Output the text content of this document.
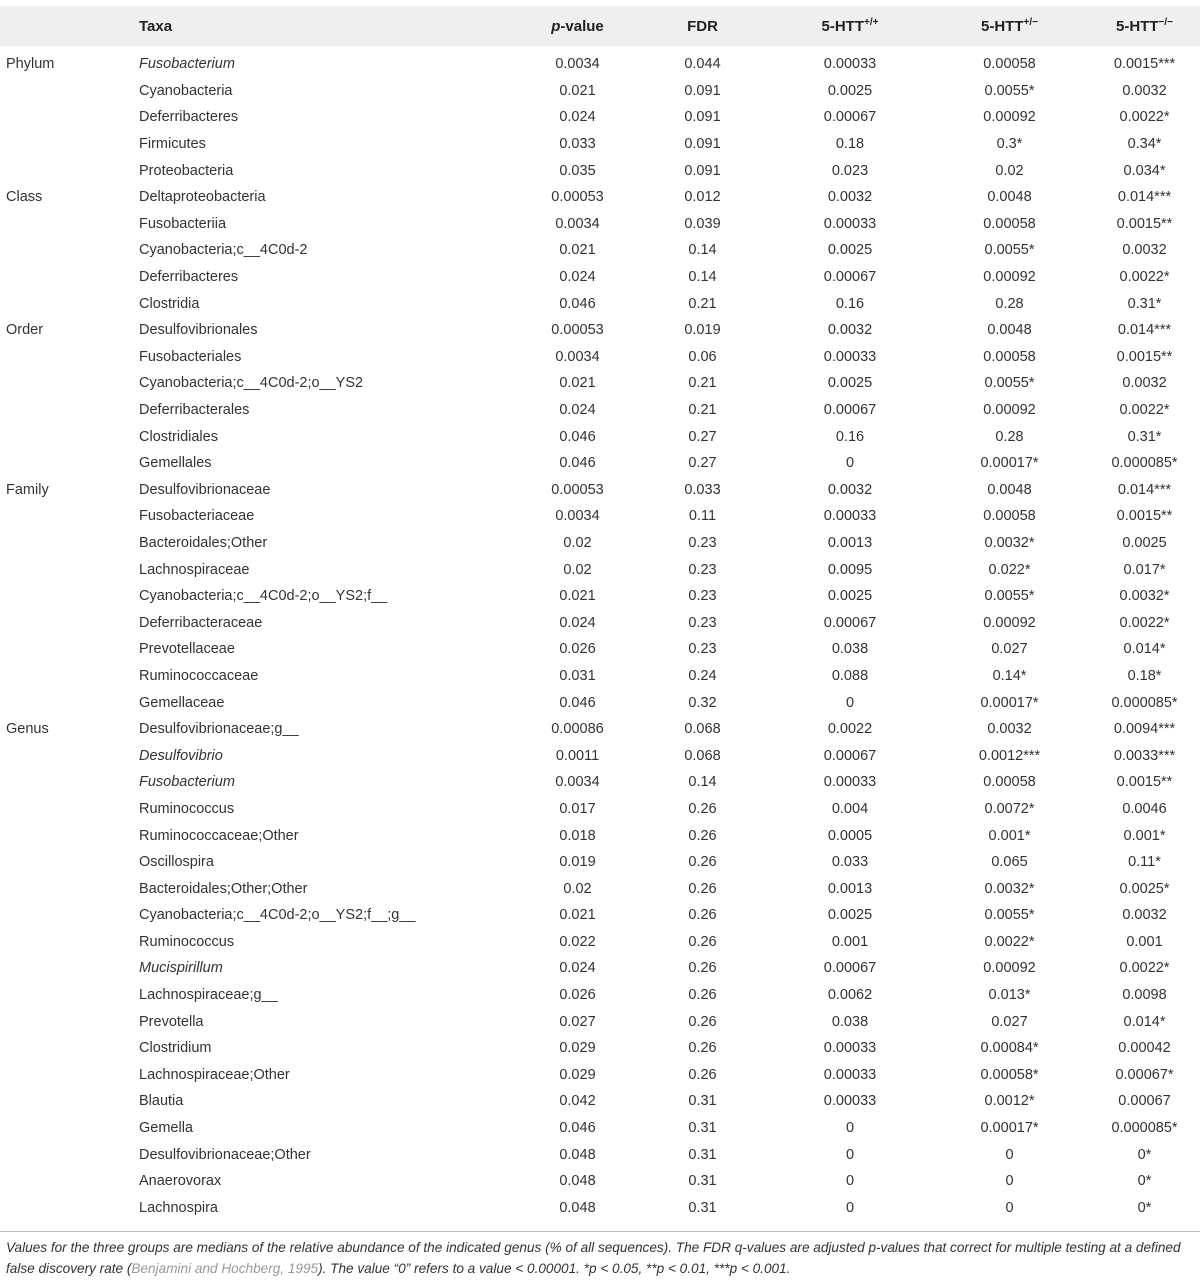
	Taxa	p-value	FDR	5-HTT+/+	5-HTT+/−	5-HTT−/−
Phylum	Fusobacterium	0.0034	0.044	0.00033	0.00058	0.0015***
	Cyanobacteria	0.021	0.091	0.0025	0.0055*	0.0032
	Deferribacteres	0.024	0.091	0.00067	0.00092	0.0022*
	Firmicutes	0.033	0.091	0.18	0.3*	0.34*
	Proteobacteria	0.035	0.091	0.023	0.02	0.034*
Class	Deltaproteobacteria	0.00053	0.012	0.0032	0.0048	0.014***
	Fusobacteriia	0.0034	0.039	0.00033	0.00058	0.0015**
	Cyanobacteria;c__4C0d-2	0.021	0.14	0.0025	0.0055*	0.0032
	Deferribacteres	0.024	0.14	0.00067	0.00092	0.0022*
	Clostridia	0.046	0.21	0.16	0.28	0.31*
Order	Desulfovibrionales	0.00053	0.019	0.0032	0.0048	0.014***
	Fusobacteriales	0.0034	0.06	0.00033	0.00058	0.0015**
	Cyanobacteria;c__4C0d-2;o__YS2	0.021	0.21	0.0025	0.0055*	0.0032
	Deferribacterales	0.024	0.21	0.00067	0.00092	0.0022*
	Clostridiales	0.046	0.27	0.16	0.28	0.31*
	Gemellales	0.046	0.27	0	0.00017*	0.000085*
Family	Desulfovibrionaceae	0.00053	0.033	0.0032	0.0048	0.014***
	Fusobacteriaceae	0.0034	0.11	0.00033	0.00058	0.0015**
	Bacteroidales;Other	0.02	0.23	0.0013	0.0032*	0.0025
	Lachnospiraceae	0.02	0.23	0.0095	0.022*	0.017*
	Cyanobacteria;c__4C0d-2;o__YS2;f__	0.021	0.23	0.0025	0.0055*	0.0032*
	Deferribacteraceae	0.024	0.23	0.00067	0.00092	0.0022*
	Prevotellaceae	0.026	0.23	0.038	0.027	0.014*
	Ruminococcaceae	0.031	0.24	0.088	0.14*	0.18*
	Gemellaceae	0.046	0.32	0	0.00017*	0.000085*
Genus	Desulfovibrionaceae;g__	0.00086	0.068	0.0022	0.0032	0.0094***
	Desulfovibrio	0.0011	0.068	0.00067	0.0012***	0.0033***
	Fusobacterium	0.0034	0.14	0.00033	0.00058	0.0015**
	Ruminococcus	0.017	0.26	0.004	0.0072*	0.0046
	Ruminococcaceae;Other	0.018	0.26	0.0005	0.001*	0.001*
	Oscillospira	0.019	0.26	0.033	0.065	0.11*
	Bacteroidales;Other;Other	0.02	0.26	0.0013	0.0032*	0.0025*
	Cyanobacteria;c__4C0d-2;o__YS2;f__;g__	0.021	0.26	0.0025	0.0055*	0.0032
	Ruminococcus	0.022	0.26	0.001	0.0022*	0.001
	Mucispirillum	0.024	0.26	0.00067	0.00092	0.0022*
	Lachnospiraceae;g__	0.026	0.26	0.0062	0.013*	0.0098
	Prevotella	0.027	0.26	0.038	0.027	0.014*
	Clostridium	0.029	0.26	0.00033	0.00084*	0.00042
	Lachnospiraceae;Other	0.029	0.26	0.00033	0.00058*	0.00067*
	Blautia	0.042	0.31	0.00033	0.0012*	0.00067
	Gemella	0.046	0.31	0	0.00017*	0.000085*
	Desulfovibrionaceae;Other	0.048	0.31	0	0	0*
	Anaerovorax	0.048	0.31	0	0	0*
	Lachnospira	0.048	0.31	0	0	0*
Values for the three groups are medians of the relative abundance of the indicated genus (% of all sequences). The FDR q-values are adjusted p-values that correct for multiple testing at a defined false discovery rate (Benjamini and Hochberg, 1995). The value “0” refers to a value < 0.00001. *p < 0.05, **p < 0.01, ***p < 0.001.
